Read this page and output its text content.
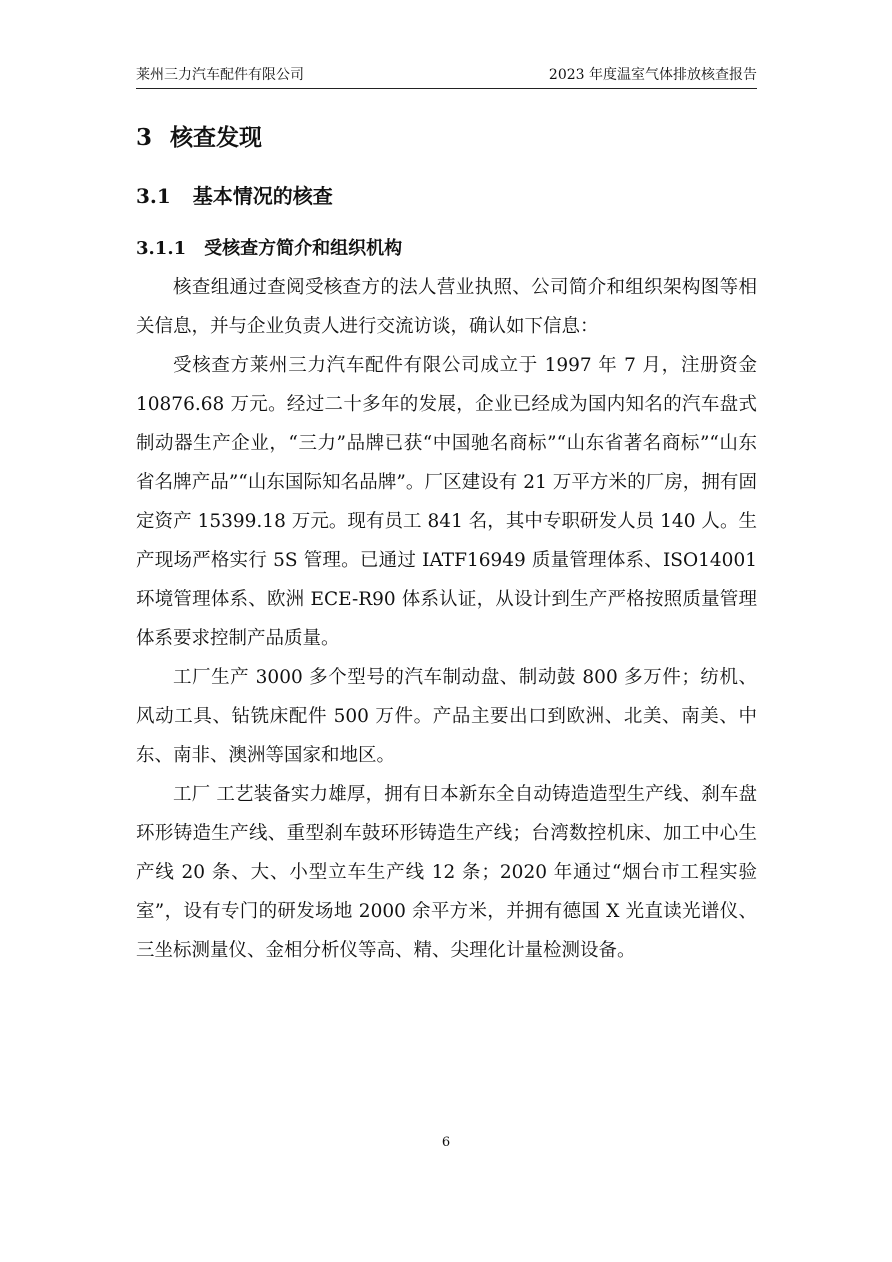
莱州三力汽车配件有限公司	2023 年度温室气体排放核查报告
3 核查发现
3.1 基本情况的核查
3.1.1 受核查方简介和组织机构

核查组通过查阅受核查方的法人营业执照、公司简介和组织架构图等相关信息，并与企业负责人进行交流访谈，确认如下信息：

受核查方莱州三力汽车配件有限公司成立于 1997 年 7 月，注册资金 10876.68 万元。经过二十多年的发展，企业已经成为国内知名的汽车盘式制动器生产企业，“三力”品牌已获“中国驰名商标”“山东省著名商标”“山东省名牌产品”“山东国际知名品牌”。厂区建设有 21 万平方米的厂房，拥有固定资产 15399.18 万元。现有员工 841 名，其中专职研发人员 140 人。生产现场严格实行 5S 管理。已通过 IATF16949 质量管理体系、ISO14001 环境管理体系、欧洲 ECE-R90 体系认证，从设计到生产严格按照质量管理体系要求控制产品质量。

工厂生产 3000 多个型号的汽车制动盘、制动鼓 800 多万件；纺机、风动工具、钻铣床配件 500 万件。产品主要出口到欧洲、北美、南美、中东、南非、澳洲等国家和地区。

工厂 工艺装备实力雄厚，拥有日本新东全自动铸造造型生产线、刹车盘环形铸造生产线、重型刹车鼓环形铸造生产线；台湾数控机床、加工中心生产线 20 条、大、小型立车生产线 12 条；2020 年通过“烟台市工程实验室”，设有专门的研发场地 2000 余平方米，并拥有德国 X 光直读光谱仪、三坐标测量仪、金相分析仪等高、精、尖理化计量检测设备。

6
